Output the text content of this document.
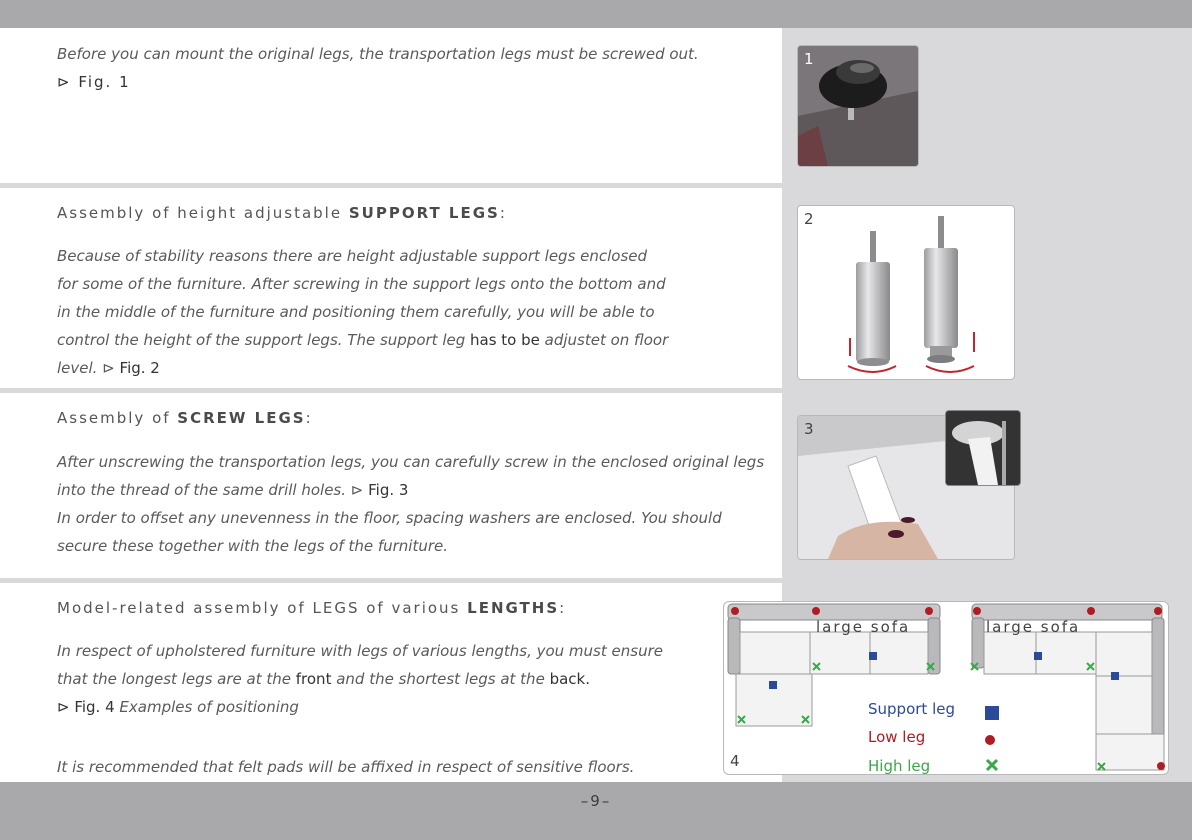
Before you can mount the original legs, the transportation legs must be screwed out.
⊳ Fig. 1
Assembly of height adjustable SUPPORT LEGS:
Because of stability reasons there are height adjustable support legs enclosed
for some of the furniture. After screwing in the support legs onto the bottom and
in the middle of the furniture and positioning them carefully, you will be able to
control the height of the support legs. The support leg has to be adjustet on floor
level. ⊳ Fig. 2
Assembly of SCREW LEGS:
After unscrewing the transportation legs, you can carefully screw in the enclosed original legs
into the thread of the same drill holes. ⊳ Fig. 3
In order to offset any unevenness in the floor, spacing washers are enclosed. You should
secure these together with the legs of the furniture.
Model-related assembly of LEGS of various LENGTHS:
In respect of upholstered furniture with legs of various lengths, you must ensure
that the longest legs are at the front and the shortest legs at the back.
⊳ Fig. 4 Examples of positioning
It is recommended that felt pads will be affixed in respect of sensitive floors.
1
2
3
large sofa	large sofa
4
Support leg
Low leg
High leg
–9–
